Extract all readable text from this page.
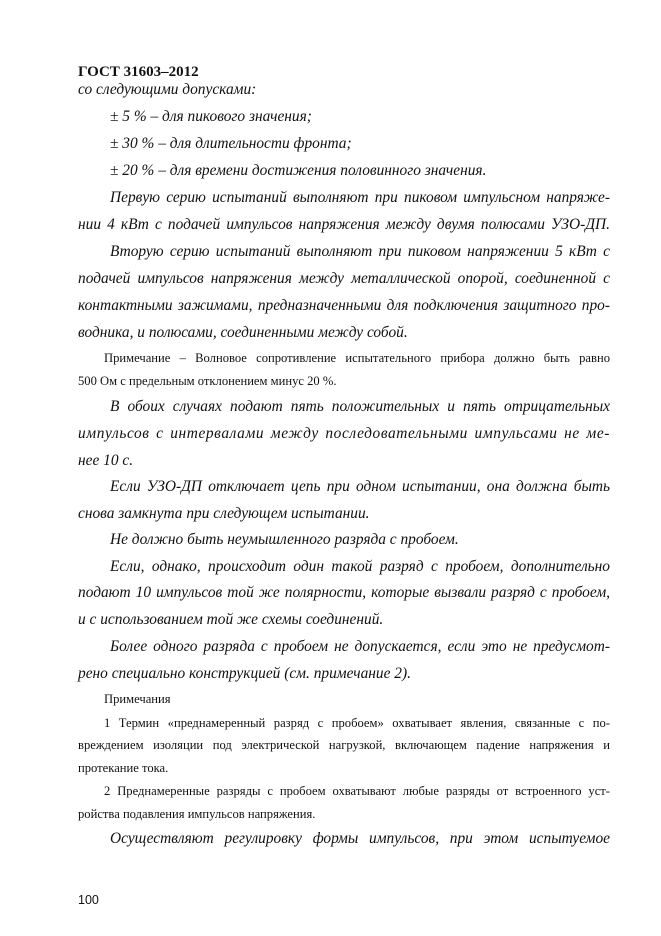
ГОСТ 31603–2012
со следующими допусками:
± 5 % – для пикового значения;
± 30 % – для длительности фронта;
± 20 % – для времени достижения половинного значения.
Первую серию испытаний выполняют при пиковом импульсном напряже-
нии 4 кВт с подачей импульсов напряжения между двумя полюсами УЗО-ДП.
Вторую серию испытаний выполняют при пиковом напряжении 5 кВт с
подачей импульсов напряжения между металлической опорой, соединенной с
контактными зажимами, предназначенными для подключения защитного про-
водника, и полюсами, соединенными между собой.
Примечание – Волновое сопротивление испытательного прибора должно быть равно
500 Ом с предельным отклонением минус 20 %.
В обоих случаях подают пять положительных и пять отрицательных
импульсов с интервалами между последовательными импульсами не ме-
нее 10 с.
Если УЗО-ДП отключает цепь при одном испытании, она должна быть
снова замкнута при следующем испытании.
Не должно быть неумышленного разряда с пробоем.
Если, однако, происходит один такой разряд с пробоем, дополнительно
подают 10 импульсов той же полярности, которые вызвали разряд с пробоем,
и с использованием той же схемы соединений.
Более одного разряда с пробоем не допускается, если это не предусмот-
рено специально конструкцией (см. примечание 2).
Примечания
1 Термин «преднамеренный разряд с пробоем» охватывает явления, связанные с по-
вреждением изоляции под электрической нагрузкой, включающем падение напряжения и
протекание тока.
2 Преднамеренные разряды с пробоем охватывают любые разряды от встроенного уст-
ройства подавления импульсов напряжения.
Осуществляют регулировку формы импульсов, при этом испытуемое
100
